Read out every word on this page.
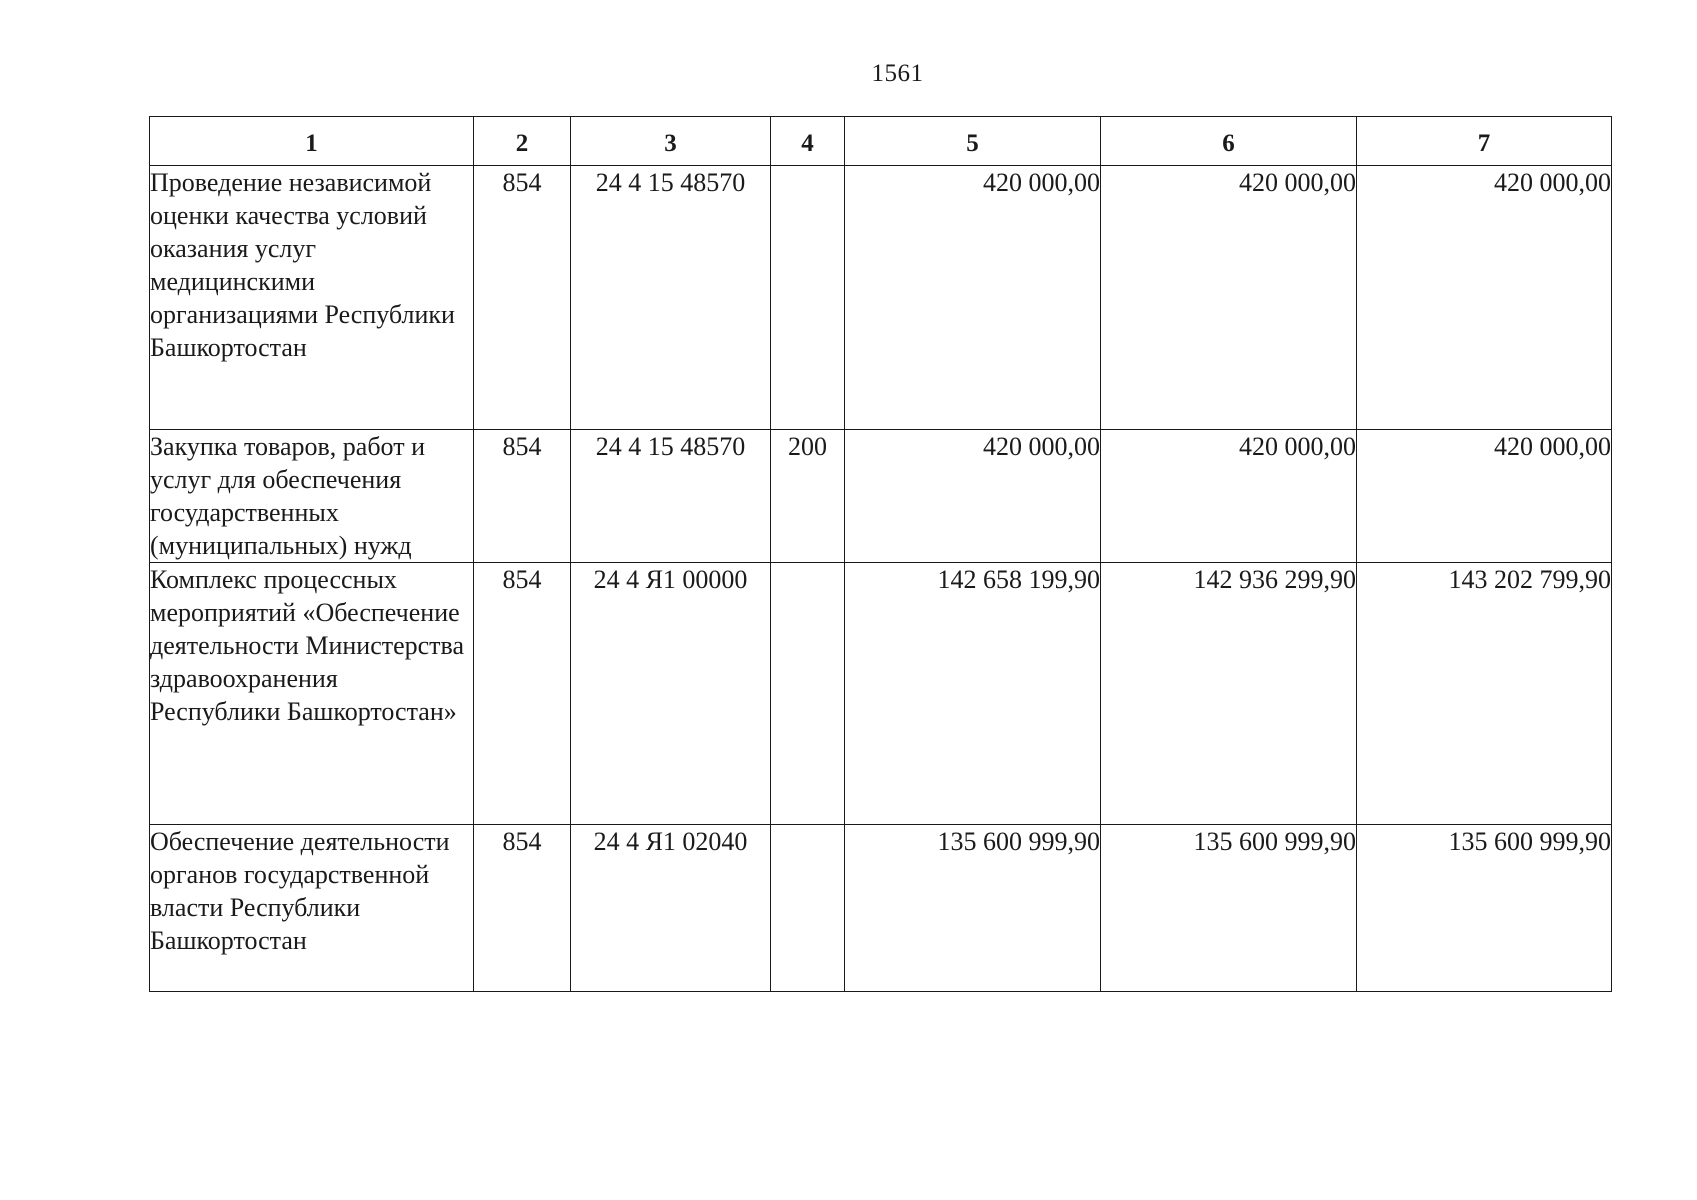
1561
1	2	3	4	5	6	7
Проведение независимой оценки качества условий оказания услуг медицинскими организациями Республики Башкортостан	854	24 4 15 48570		420 000,00	420 000,00	420 000,00
Закупка товаров, работ и услуг для обеспечения государственных (муниципальных) нужд	854	24 4 15 48570	200	420 000,00	420 000,00	420 000,00
Комплекс процессных мероприятий «Обеспечение деятельности Министерства здравоохранения Республики Башкортостан»	854	24 4 Я1 00000		142 658 199,90	142 936 299,90	143 202 799,90
Обеспечение деятельности органов государственной власти Республики Башкортостан	854	24 4 Я1 02040		135 600 999,90	135 600 999,90	135 600 999,90
